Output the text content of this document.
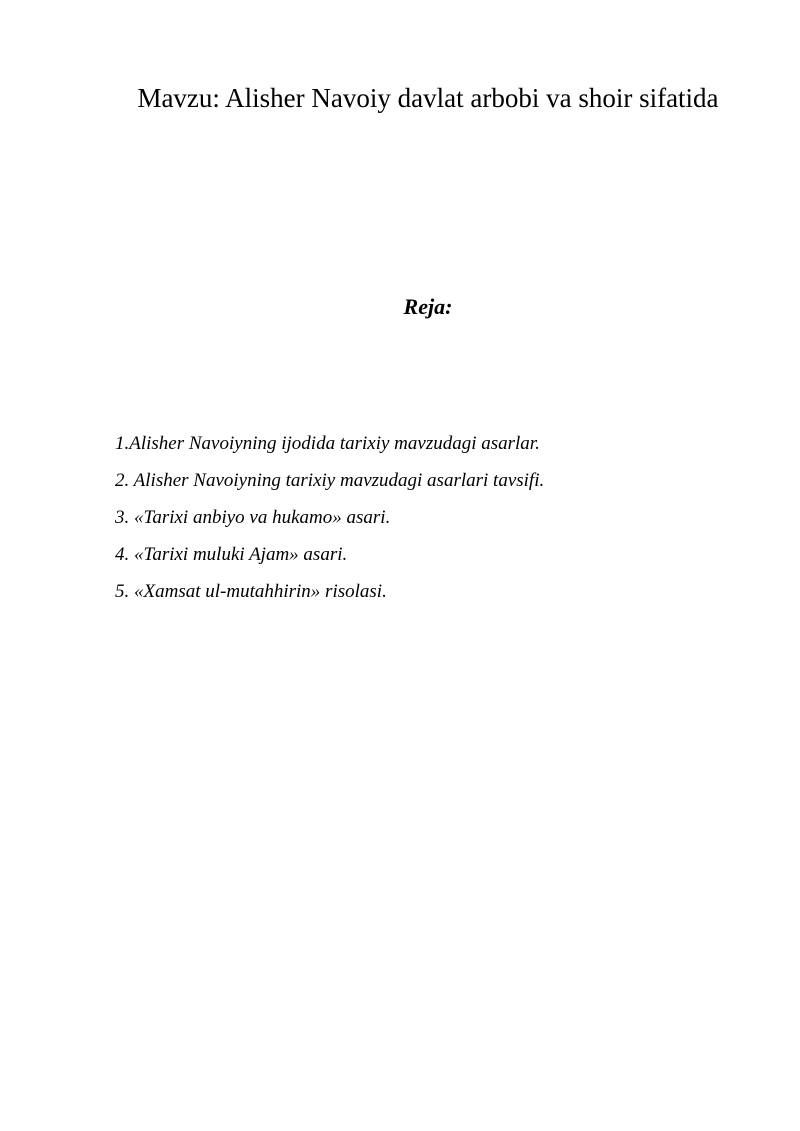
Mavzu: Alisher Navoiy davlat arbobi va shoir sifatida
Reja:
1.Alisher Navoiyning ijodida tarixiy mavzudagi asarlar.
2. Alisher Navoiyning tarixiy mavzudagi asarlari tavsifi.
3. «Tarixi anbiyo va hukamo» asari.
4. «Tarixi muluki Ajam» asari.
5. «Xamsat ul-mutahhirin» risolasi.
